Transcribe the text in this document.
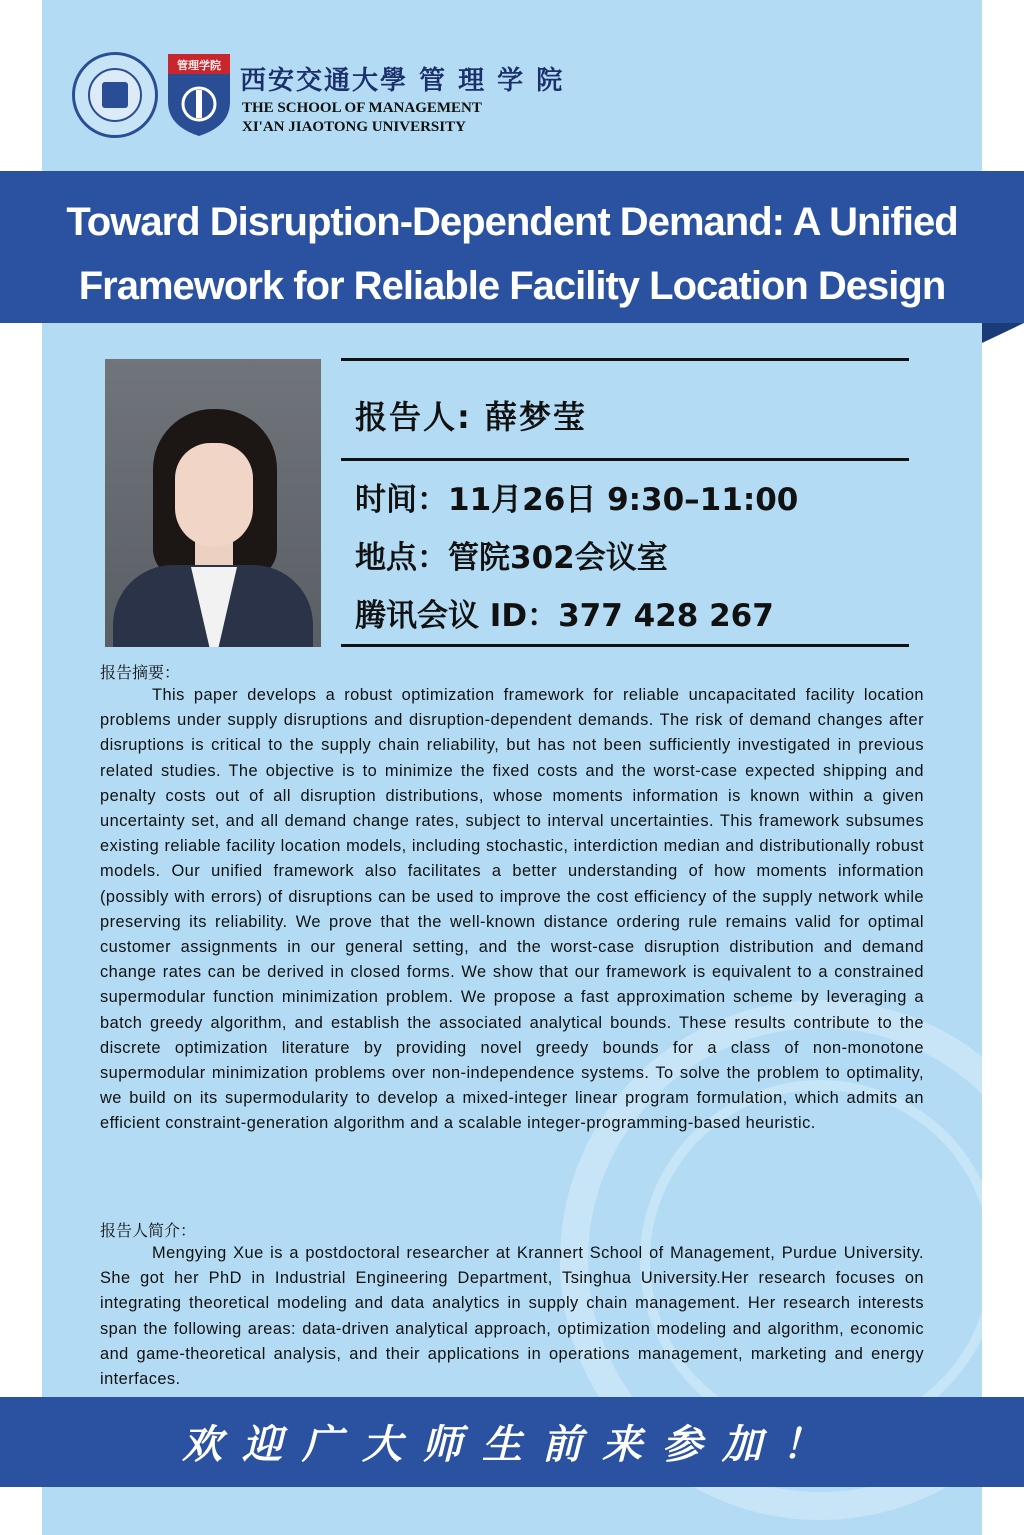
管理学院
西安交通大學 管 理 学 院
THE SCHOOL OF MANAGEMENT
XI'AN JIAOTONG UNIVERSITY
Toward Disruption-Dependent Demand: A Unified
Framework for Reliable Facility Location Design
报告人: 薛梦莹
时间：11月26日 9:30–11:00
地点：管院302会议室
腾讯会议 ID：377 428 267
报告摘要：

This paper develops a robust optimization framework for reliable uncapacitated facility location problems under supply disruptions and disruption-dependent demands. The risk of demand changes after disruptions is critical to the supply chain reliability, but has not been sufficiently investigated in previous related studies. The objective is to minimize the fixed costs and the worst-case expected shipping and penalty costs out of all disruption distributions, whose moments information is known within a given uncertainty set, and all demand change rates, subject to interval uncertainties. This framework subsumes existing reliable facility location models, including stochastic, interdiction median and distributionally robust models. Our unified framework also facilitates a better understanding of how moments information (possibly with errors) of disruptions can be used to improve the cost efficiency of the supply network while preserving its reliability. We prove that the well-known distance ordering rule remains valid for optimal customer assignments in our general setting, and the worst-case disruption distribution and demand change rates can be derived in closed forms. We show that our framework is equivalent to a constrained supermodular function minimization problem. We propose a fast approximation scheme by leveraging a batch greedy algorithm, and establish the associated analytical bounds. These results contribute to the discrete optimization literature by providing novel greedy bounds for a class of non-monotone supermodular minimization problems over non-independence systems. To solve the problem to optimality, we build on its supermodularity to develop a mixed-integer linear program formulation, which admits an efficient constraint-generation algorithm and a scalable integer-programming-based heuristic.

报告人简介：

Mengying Xue is a postdoctoral researcher at Krannert School of Management, Purdue University. She got her PhD in Industrial Engineering Department, Tsinghua University.Her research focuses on integrating theoretical modeling and data analytics in supply chain management. Her research interests span the following areas: data-driven analytical approach, optimization modeling and algorithm, economic and game-theoretical analysis, and their applications in operations management, marketing and energy interfaces.

欢迎广大师生前来参加！
